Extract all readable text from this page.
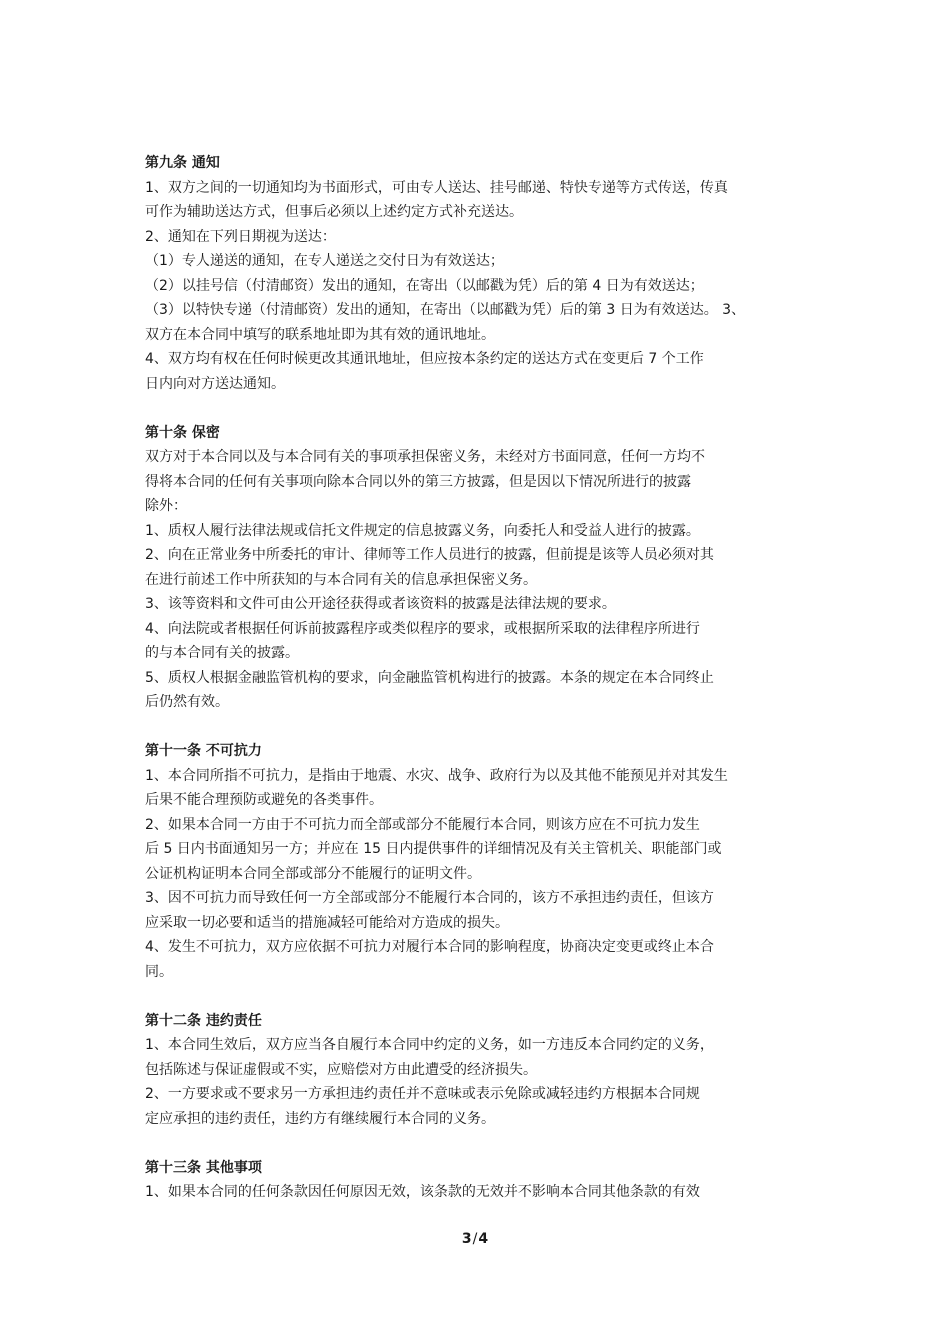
第九条 通知

1、双方之间的一切通知均为书面形式，可由专人送达、挂号邮递、特快专递等方式传送，传真

可作为辅助送达方式，但事后必须以上述约定方式补充送达。

2、通知在下列日期视为送达：

（1）专人递送的通知，在专人递送之交付日为有效送达；

（2）以挂号信（付清邮资）发出的通知，在寄出（以邮戳为凭）后的第 4 日为有效送达；

（3）以特快专递（付清邮资）发出的通知，在寄出（以邮戳为凭）后的第 3 日为有效送达。 3、

双方在本合同中填写的联系地址即为其有效的通讯地址。

4、双方均有权在任何时候更改其通讯地址，但应按本条约定的送达方式在变更后 7 个工作

日内向对方送达通知。

第十条 保密

双方对于本合同以及与本合同有关的事项承担保密义务，未经对方书面同意，任何一方均不

得将本合同的任何有关事项向除本合同以外的第三方披露，但是因以下情况所进行的披露

除外：

1、质权人履行法律法规或信托文件规定的信息披露义务，向委托人和受益人进行的披露。

2、向在正常业务中所委托的审计、律师等工作人员进行的披露，但前提是该等人员必须对其

在进行前述工作中所获知的与本合同有关的信息承担保密义务。

3、该等资料和文件可由公开途径获得或者该资料的披露是法律法规的要求。

4、向法院或者根据任何诉前披露程序或类似程序的要求，或根据所采取的法律程序所进行

的与本合同有关的披露。

5、质权人根据金融监管机构的要求，向金融监管机构进行的披露。本条的规定在本合同终止

后仍然有效。

第十一条 不可抗力

1、本合同所指不可抗力，是指由于地震、水灾、战争、政府行为以及其他不能预见并对其发生

后果不能合理预防或避免的各类事件。

2、如果本合同一方由于不可抗力而全部或部分不能履行本合同，则该方应在不可抗力发生

后 5 日内书面通知另一方；并应在 15 日内提供事件的详细情况及有关主管机关、职能部门或

公证机构证明本合同全部或部分不能履行的证明文件。

3、因不可抗力而导致任何一方全部或部分不能履行本合同的，该方不承担违约责任，但该方

应采取一切必要和适当的措施减轻可能给对方造成的损失。

4、发生不可抗力，双方应依据不可抗力对履行本合同的影响程度，协商决定变更或终止本合

同。

第十二条 违约责任

1、本合同生效后，双方应当各自履行本合同中约定的义务，如一方违反本合同约定的义务，

包括陈述与保证虚假或不实，应赔偿对方由此遭受的经济损失。

2、一方要求或不要求另一方承担违约责任并不意味或表示免除或减轻违约方根据本合同规

定应承担的违约责任，违约方有继续履行本合同的义务。

第十三条 其他事项

1、如果本合同的任何条款因任何原因无效，该条款的无效并不影响本合同其他条款的有效

3/4
